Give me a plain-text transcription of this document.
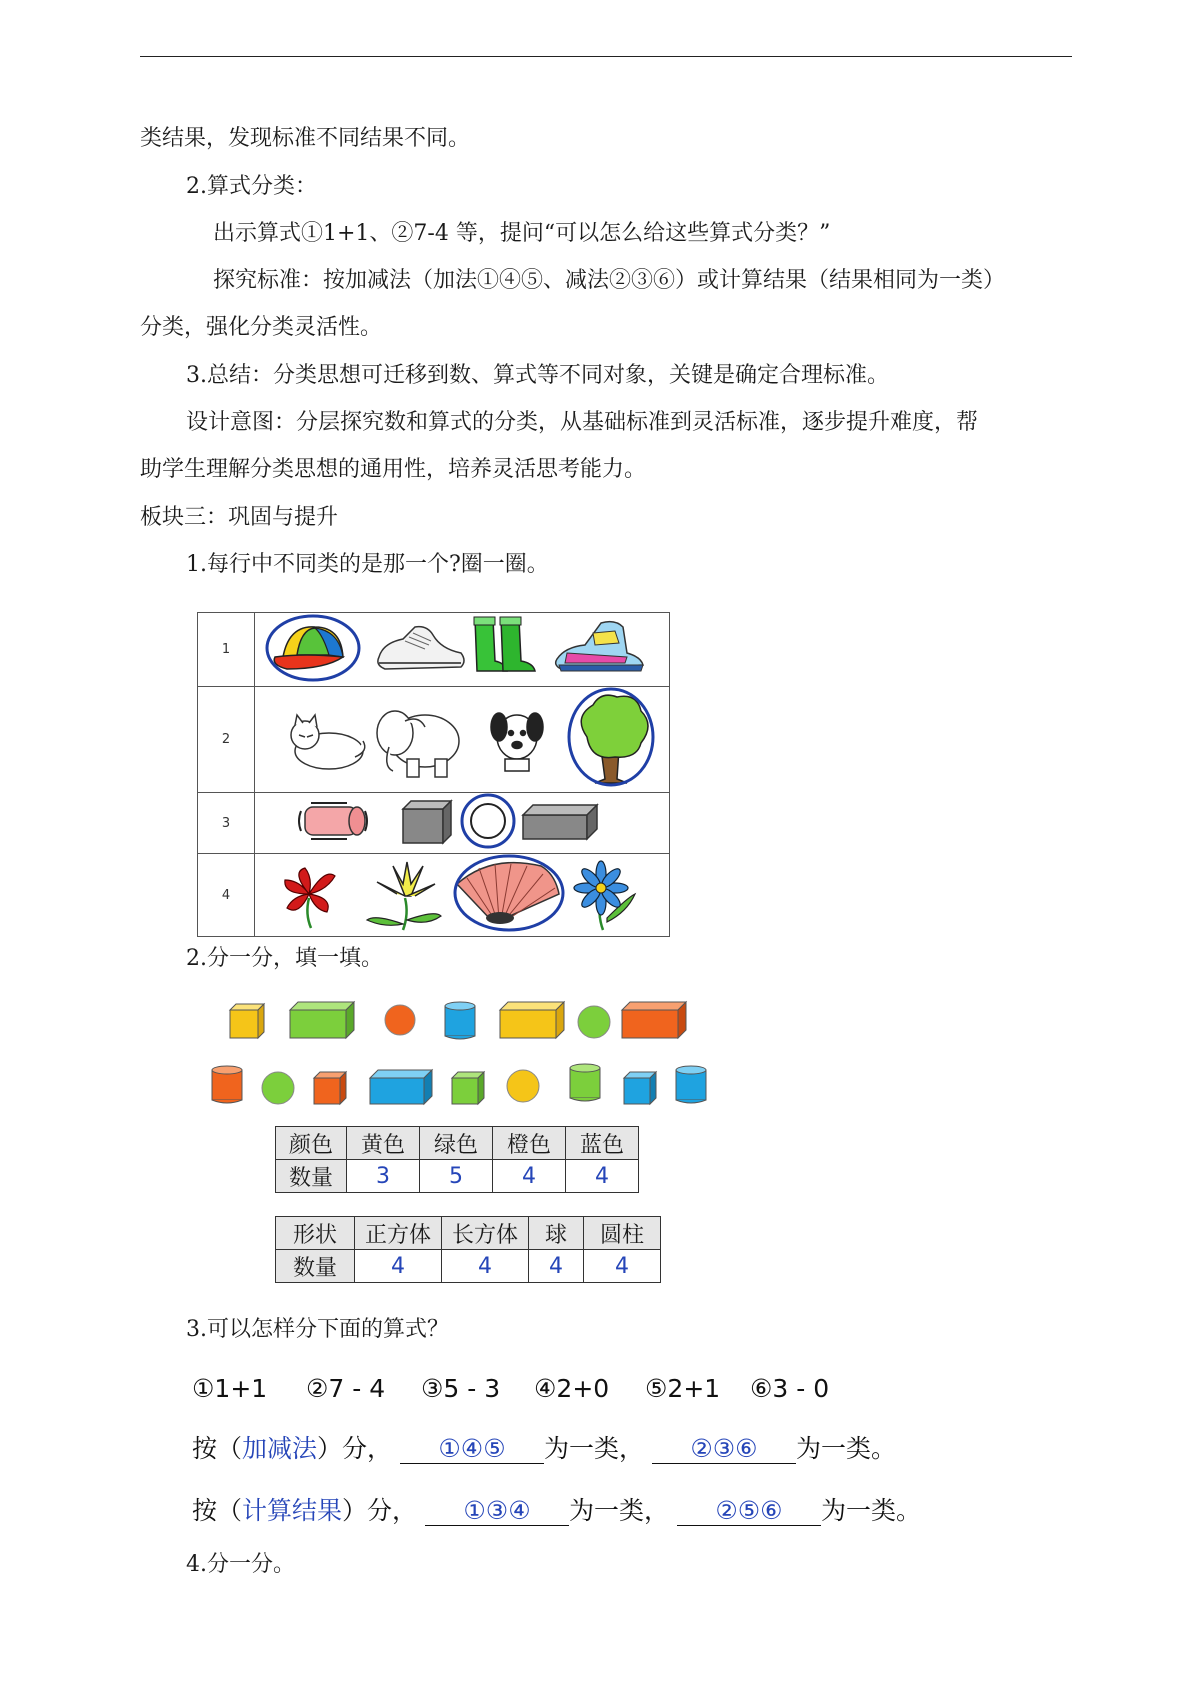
类结果，发现标准不同结果不同。
2.算式分类：
出示算式①1+1、②7-4 等，提问“可以怎么给这些算式分类？”
探究标准：按加减法（加法①④⑤、减法②③⑥）或计算结果（结果相同为一类）
分类，强化分类灵活性。
3.总结：分类思想可迁移到数、算式等不同对象，关键是确定合理标准。
设计意图：分层探究数和算式的分类，从基础标准到灵活标准，逐步提升难度，帮
助学生理解分类思想的通用性，培养灵活思考能力。
板块三：巩固与提升
1.每行中不同类的是那一个?圈一圈。
1	
2	
3	
4	
2.分一分，填一填。
颜色	黄色	绿色	橙色	蓝色
数量	3	5	4	4
形状	正方体	长方体	球	圆柱
数量	4	4	4	4
3.可以怎样分下面的算式？
①1+1 ②7 - 4 ③5 - 3 ④2+0 ⑤2+1 ⑥3 - 0
按（加减法）分， ①④⑤ 为一类， ②③⑥ 为一类。
按（计算结果）分， ①③④ 为一类， ②⑤⑥ 为一类。
4.分一分。
